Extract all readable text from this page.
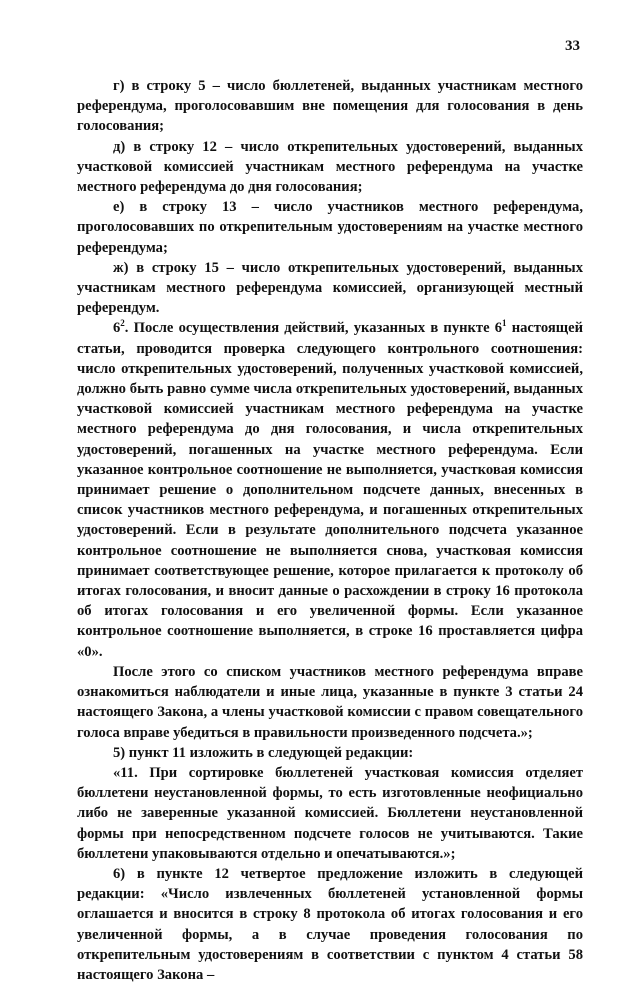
33

г) в строку 5 – число бюллетеней, выданных участникам местного референдума, проголосовавшим вне помещения для голосования в день голосования;

д) в строку 12 – число открепительных удостоверений, выданных участковой комиссией участникам местного референдума на участке местного референдума до дня голосования;

е) в строку 13 – число участников местного референдума, проголосовавших по открепительным удостоверениям на участке местного референдума;

ж) в строку 15 – число открепительных удостоверений, выданных участникам местного референдума комиссией, организующей местный референдум.

$6^2$. После осуществления действий, указанных в пункте $6^1$ настоящей статьи, проводится проверка следующего контрольного соотношения: число открепительных удостоверений, полученных участковой комиссией, должно быть равно сумме числа открепительных удостоверений, выданных участковой комиссией участникам местного референдума на участке местного референдума до дня голосования, и числа открепительных удостоверений, погашенных на участке местного референдума. Если указанное контрольное соотношение не выполняется, участковая комиссия принимает решение о дополнительном подсчете данных, внесенных в список участников местного референдума, и погашенных открепительных удостоверений. Если в результате дополнительного подсчета указанное контрольное соотношение не выполняется снова, участковая комиссия принимает соответствующее решение, которое прилагается к протоколу об итогах голосования, и вносит данные о расхождении в строку 16 протокола об итогах голосования и его увеличенной формы. Если указанное контрольное соотношение выполняется, в строке 16 проставляется цифра «0».

После этого со списком участников местного референдума вправе ознакомиться наблюдатели и иные лица, указанные в пункте 3 статьи 24 настоящего Закона, а члены участковой комиссии с правом совещательного голоса вправе убедиться в правильности произведенного подсчета.»;

5) пункт 11 изложить в следующей редакции:

«11. При сортировке бюллетеней участковая комиссия отделяет бюллетени неустановленной формы, то есть изготовленные неофициально либо не заверенные указанной комиссией. Бюллетени неустановленной формы при непосредственном подсчете голосов не учитываются. Такие бюллетени упаковываются отдельно и опечатываются.»;

6) в пункте 12 четвертое предложение изложить в следующей редакции: «Число извлеченных бюллетеней установленной формы оглашается и вносится в строку 8 протокола об итогах голосования и его увеличенной формы, а в случае проведения голосования по открепительным удостоверениям в соответствии с пунктом 4 статьи 58 настоящего Закона –
